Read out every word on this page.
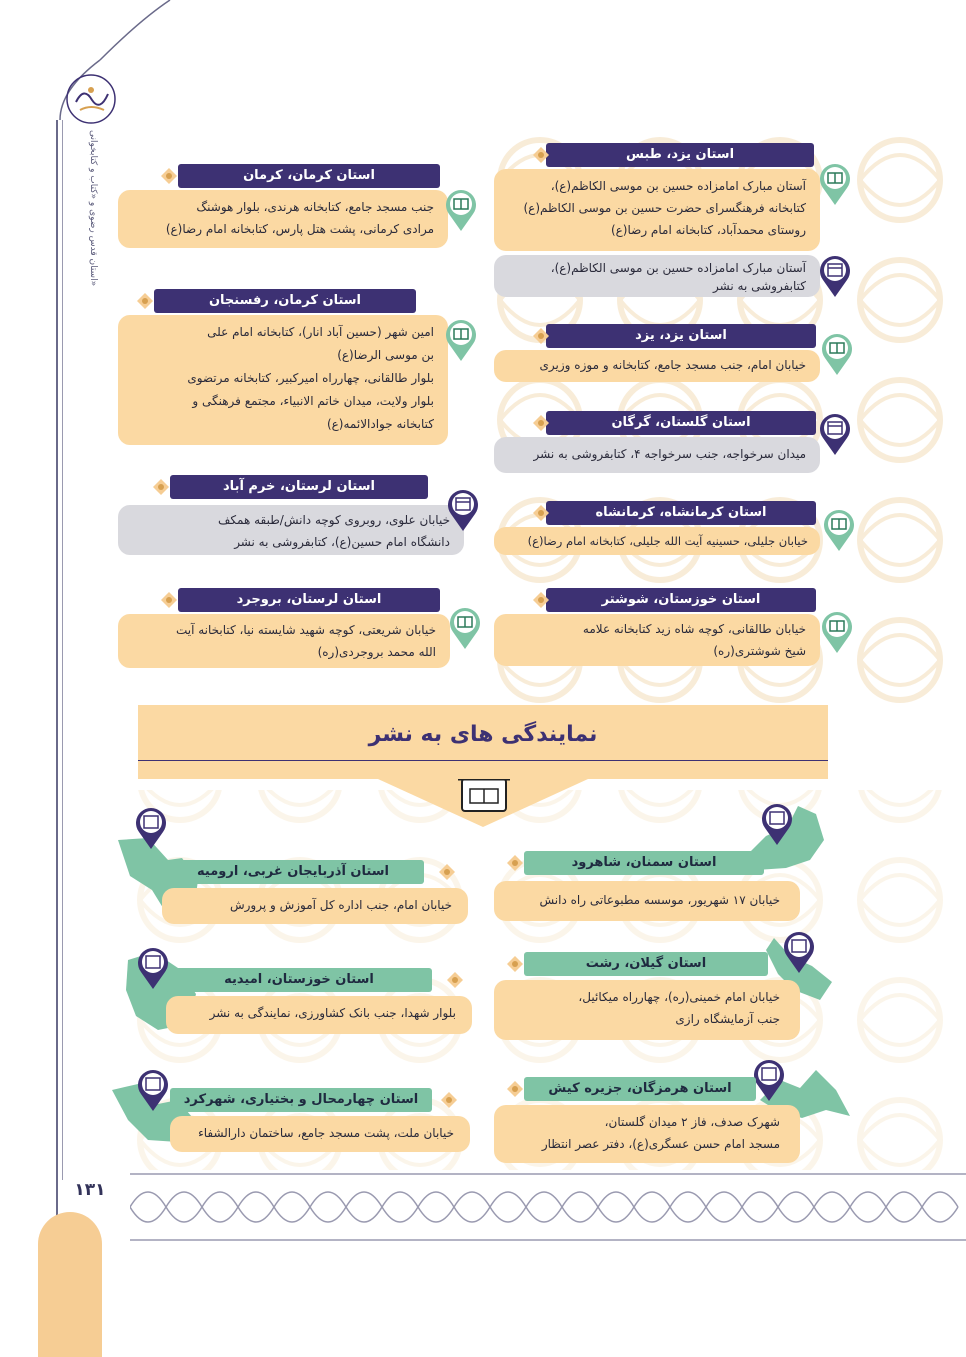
آستان قدس رضوی و «کتاب و کتابخوانی»
استان یزد، طبس
آستان مبارک امامزاده حسین بن موسی الکاظم(ع)،
کتابخانه فرهنگسرای حضرت حسین بن موسی الکاظم(ع)
روستای محمدآباد، کتابخانه امام رضا(ع)
آستان مبارک امامزاده حسین بن موسی الکاظم(ع)،
کتابفروشی به نشر
استان یزد، یزد
خیابان امام، جنب مسجد جامع، کتابخانه و موزه وزیری
استان گلستان، گرگان
میدان سرخواجه، جنب سرخواجه ۴، کتابفروشی به نشر
استان کرمانشاه، کرمانشاه
خیابان جلیلی، حسینیه آیت الله جلیلی، کتابخانه امام رضا(ع)
استان خوزستان، شوشتر
خیابان طالقانی، کوچه شاه زید کتابخانه علامه
شیخ شوشتری(ره)
استان کرمان، کرمان
جنب مسجد جامع، کتابخانه هرندی، بلوار هوشنگ
مرادی کرمانی، پشت هتل پارس، کتابخانه امام رضا(ع)
استان کرمان، رفسنجان
امین شهر (حسین آباد انار)، کتابخانه امام علی
بن موسی الرضا(ع)
بلوار طالقانی، چهارراه امیرکبیر، کتابخانه مرتضوی
بلوار ولایت، میدان خاتم الانبیاء، مجتمع فرهنگی و
کتابخانه جوادالائمه(ع)
استان لرستان، خرم آباد
خیابان علوی، روبروی کوچه دانش/طبقه همکف
دانشگاه امام حسین(ع)، کتابفروشی به نشر
استان لرستان، بروجرد
خیابان شریعتی، کوچه شهید شایسته نیا، کتابخانه آیت
الله محمد بروجردی(ره)
نمایندگی های به نشر
استان سمنان، شاهرود
خیابان ۱۷ شهریور، موسسه مطبوعاتی راه دانش
استان آذربایجان غربی، ارومیه
خیابان امام، جنب اداره کل آموزش و پرورش
استان گیلان، رشت
خیابان امام خمینی(ره)، چهارراه میکائیل،
جنب آزمایشگاه رازی
استان خوزستان، امیدیه
بلوار شهدا، جنب بانک کشاورزی، نمایندگی به نشر
استان هرمزگان، جزیره کیش
شهرک صدف، فاز ۲ میدان گلستان،
مسجد امام حسن عسگری(ع)، دفتر عصر انتظار
استان چهارمحال و بختیاری، شهرکرد
خیابان ملت، پشت مسجد جامع، ساختمان دارالشفاء
۱۳۱
